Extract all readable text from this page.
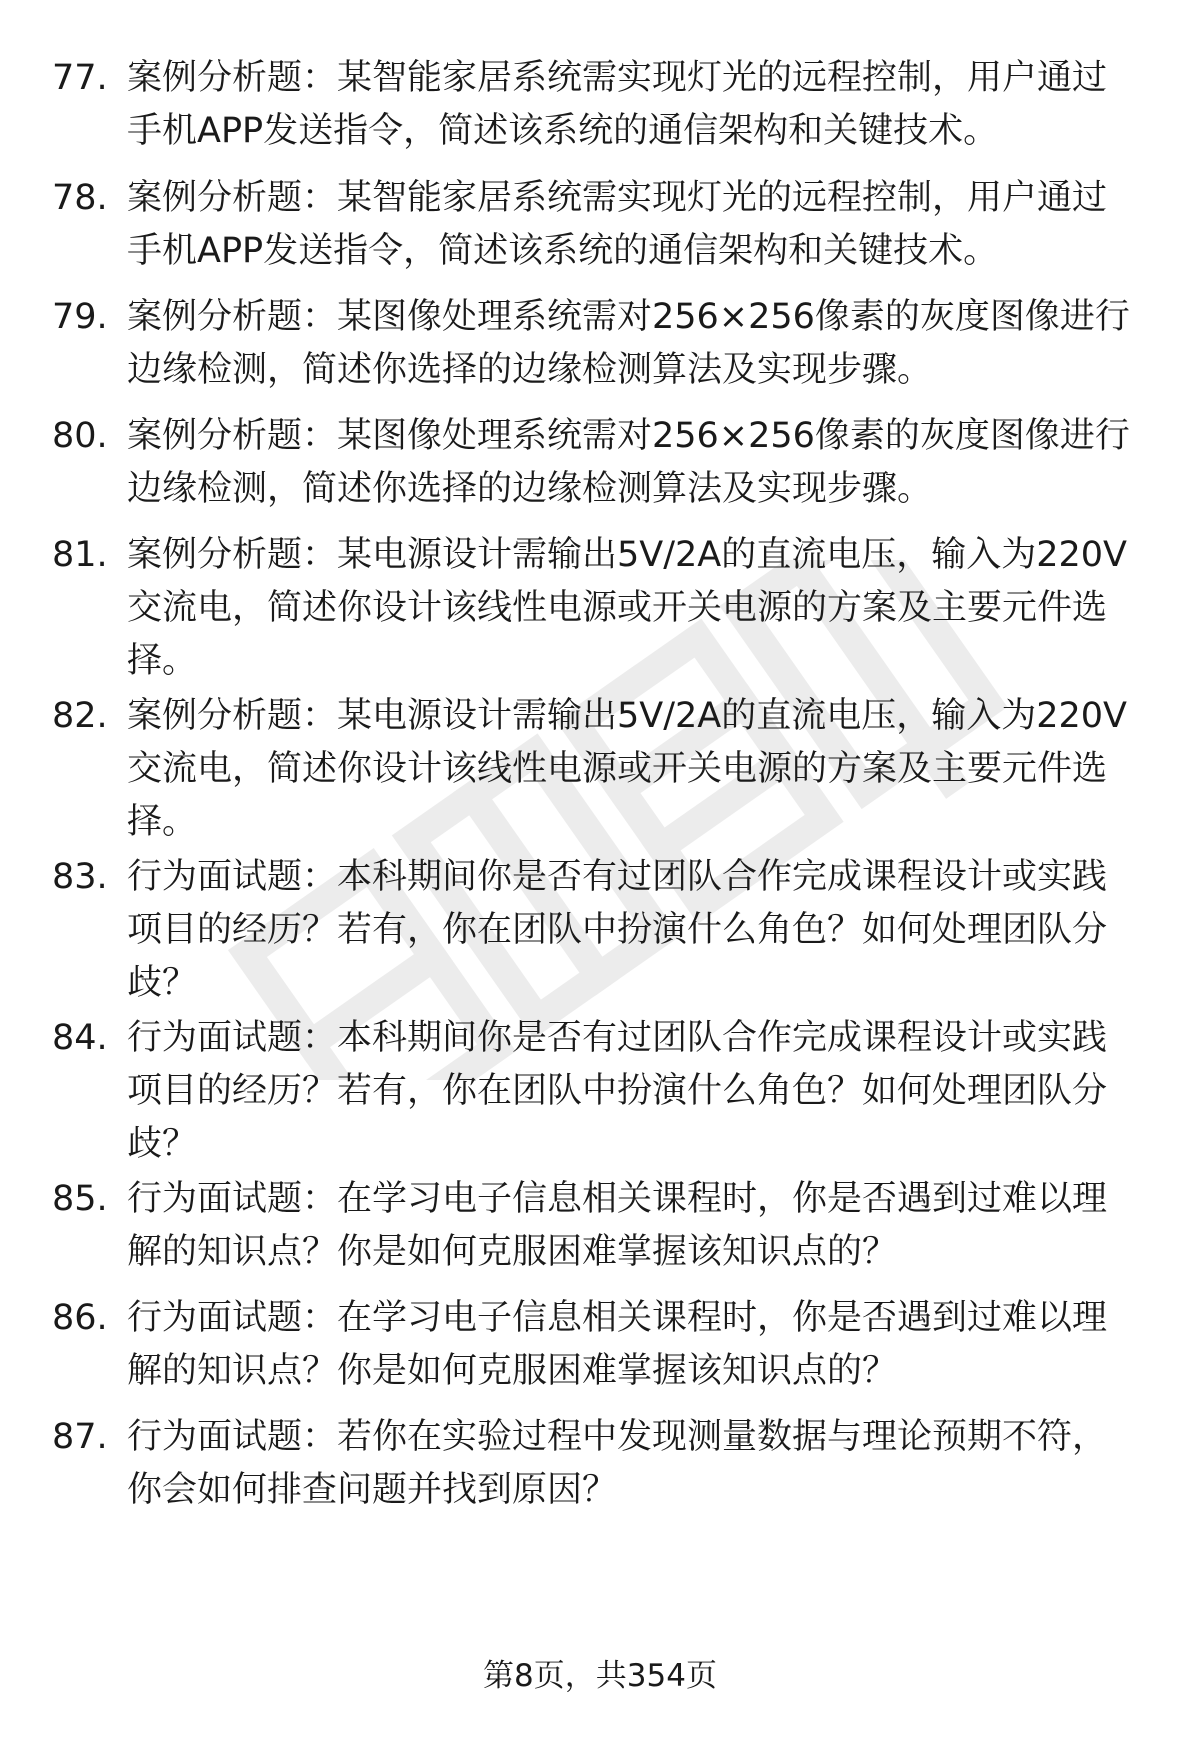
77. 案例分析题：某智能家居系统需实现灯光的远程控制，用户通过
手机APP发送指令，简述该系统的通信架构和关键技术。
78. 案例分析题：某智能家居系统需实现灯光的远程控制，用户通过
手机APP发送指令，简述该系统的通信架构和关键技术。
79. 案例分析题：某图像处理系统需对256×256像素的灰度图像进行
边缘检测，简述你选择的边缘检测算法及实现步骤。
80. 案例分析题：某图像处理系统需对256×256像素的灰度图像进行
边缘检测，简述你选择的边缘检测算法及实现步骤。
81. 案例分析题：某电源设计需输出5V/2A的直流电压，输入为220V
交流电，简述你设计该线性电源或开关电源的方案及主要元件选
择。
82. 案例分析题：某电源设计需输出5V/2A的直流电压，输入为220V
交流电，简述你设计该线性电源或开关电源的方案及主要元件选
择。
83. 行为面试题：本科期间你是否有过团队合作完成课程设计或实践
项目的经历？若有，你在团队中扮演什么角色？如何处理团队分
歧？
84. 行为面试题：本科期间你是否有过团队合作完成课程设计或实践
项目的经历？若有，你在团队中扮演什么角色？如何处理团队分
歧？
85. 行为面试题：在学习电子信息相关课程时，你是否遇到过难以理
解的知识点？你是如何克服困难掌握该知识点的？
86. 行为面试题：在学习电子信息相关课程时，你是否遇到过难以理
解的知识点？你是如何克服困难掌握该知识点的？
87. 行为面试题：若你在实验过程中发现测量数据与理论预期不符，
你会如何排查问题并找到原因？
第8页，共354页
